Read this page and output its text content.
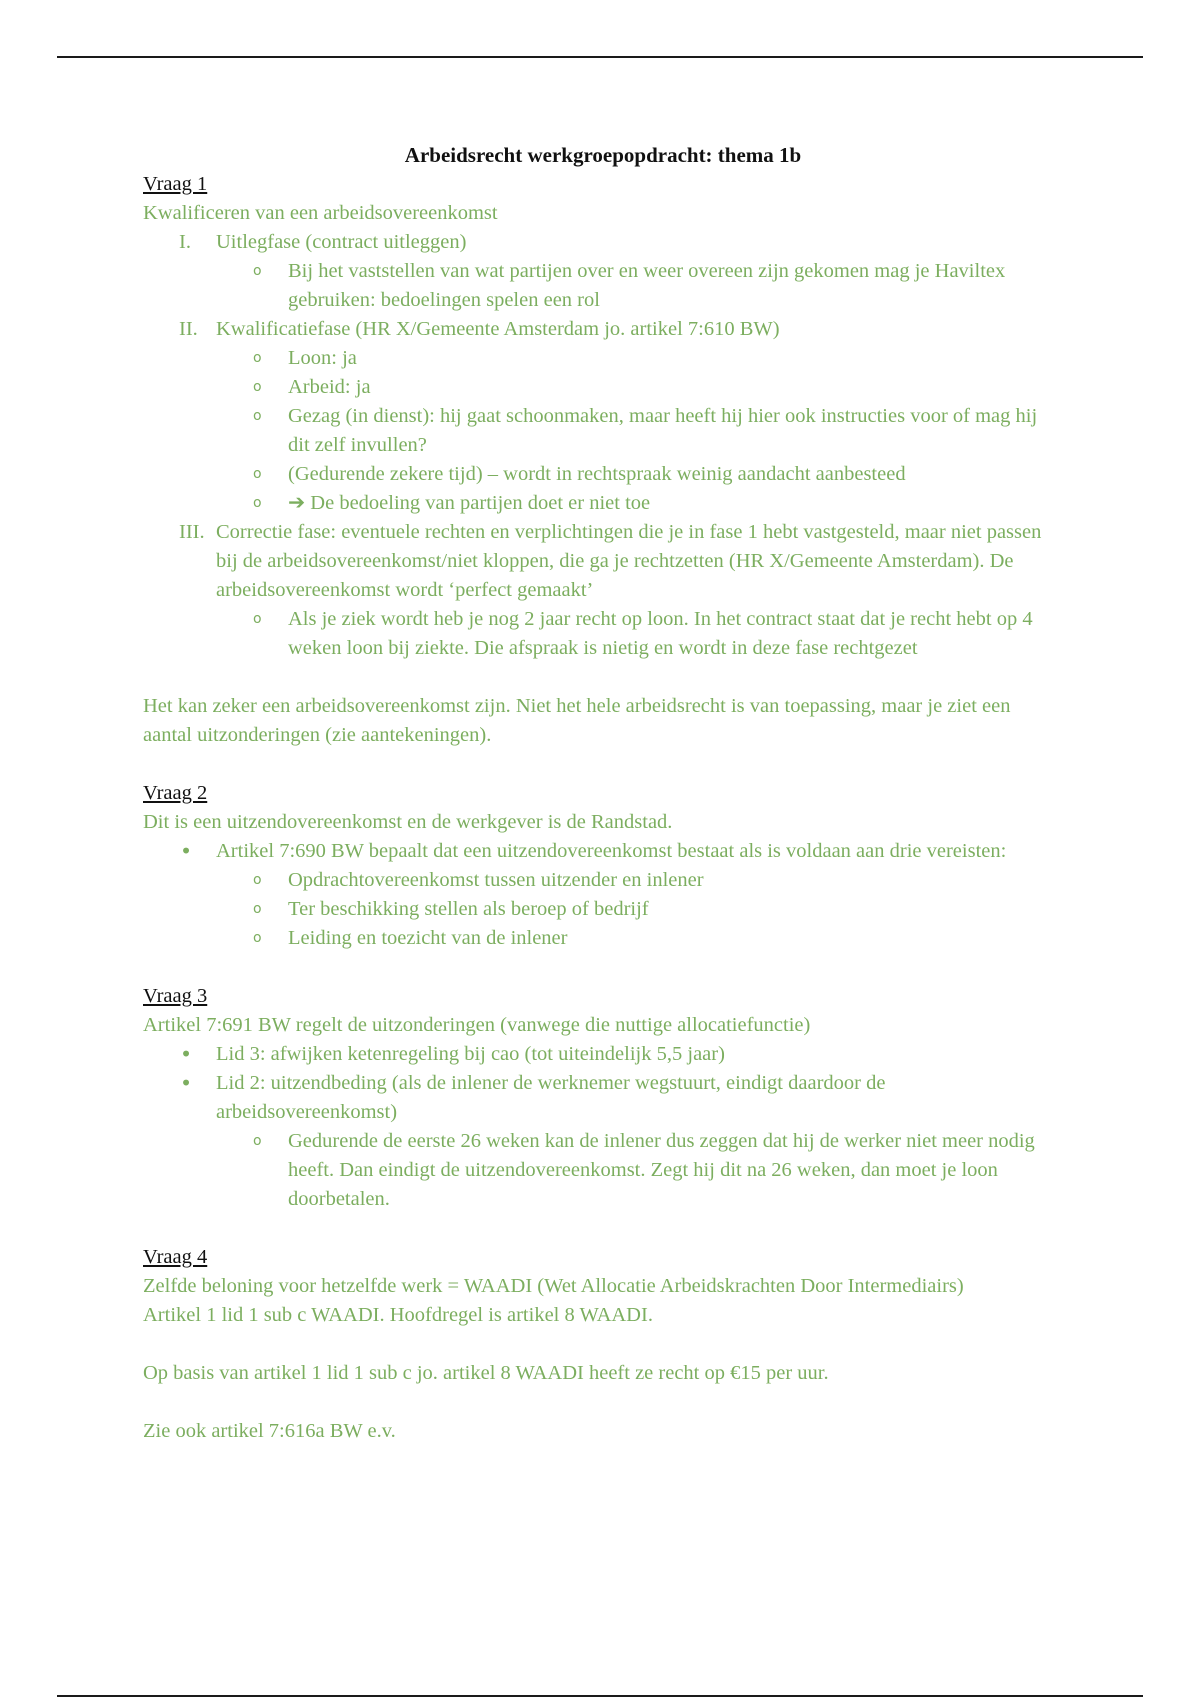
Arbeidsrecht werkgroepopdracht: thema 1b

Vraag 1

Kwalificeren van een arbeidsovereenkomst

I. Uitlegfase (contract uitleggen)
o Bij het vaststellen van wat partijen over en weer overeen zijn gekomen mag je Haviltex gebruiken: bedoelingen spelen een rol
II. Kwalificatiefase (HR X/Gemeente Amsterdam jo. artikel 7:610 BW)
o Loon: ja
o Arbeid: ja
o Gezag (in dienst): hij gaat schoonmaken, maar heeft hij hier ook instructies voor of mag hij dit zelf invullen?
o (Gedurende zekere tijd) – wordt in rechtspraak weinig aandacht aanbesteed
o ➔ De bedoeling van partijen doet er niet toe
III. Correctie fase: eventuele rechten en verplichtingen die je in fase 1 hebt vastgesteld, maar niet passen bij de arbeidsovereenkomst/niet kloppen, die ga je rechtzetten (HR X/Gemeente Amsterdam). De arbeidsovereenkomst wordt ‘perfect gemaakt’
o Als je ziek wordt heb je nog 2 jaar recht op loon. In het contract staat dat je recht hebt op 4 weken loon bij ziekte. Die afspraak is nietig en wordt in deze fase rechtgezet

Het kan zeker een arbeidsovereenkomst zijn. Niet het hele arbeidsrecht is van toepassing, maar je ziet een aantal uitzonderingen (zie aantekeningen).

Vraag 2

Dit is een uitzendovereenkomst en de werkgever is de Randstad.

• Artikel 7:690 BW bepaalt dat een uitzendovereenkomst bestaat als is voldaan aan drie vereisten:
o Opdrachtovereenkomst tussen uitzender en inlener
o Ter beschikking stellen als beroep of bedrijf
o Leiding en toezicht van de inlener

Vraag 3

Artikel 7:691 BW regelt de uitzonderingen (vanwege die nuttige allocatiefunctie)

• Lid 3: afwijken ketenregeling bij cao (tot uiteindelijk 5,5 jaar)
• Lid 2: uitzendbeding (als de inlener de werknemer wegstuurt, eindigt daardoor de arbeidsovereenkomst)
o Gedurende de eerste 26 weken kan de inlener dus zeggen dat hij de werker niet meer nodig heeft. Dan eindigt de uitzendovereenkomst. Zegt hij dit na 26 weken, dan moet je loon doorbetalen.

Vraag 4

Zelfde beloning voor hetzelfde werk = WAADI (Wet Allocatie Arbeidskrachten Door Intermediairs)

Artikel 1 lid 1 sub c WAADI. Hoofdregel is artikel 8 WAADI.

Op basis van artikel 1 lid 1 sub c jo. artikel 8 WAADI heeft ze recht op €15 per uur.

Zie ook artikel 7:616a BW e.v.
